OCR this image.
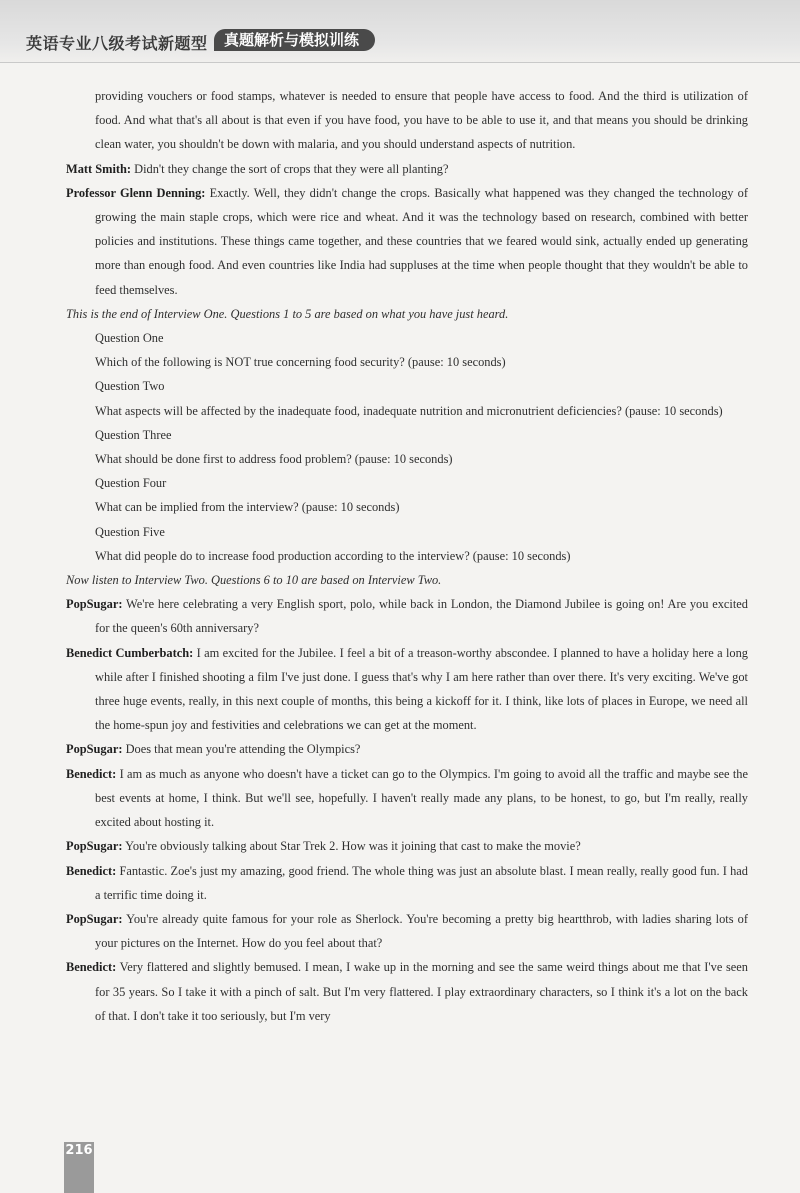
英语专业八级考试新题型	真题解析与模拟训练

providing vouchers or food stamps, whatever is needed to ensure that people have access to food. And the third is utilization of food. And what that's all about is that even if you have food, you have to be able to use it, and that means you should be drinking clean water, you shouldn't be down with malaria, and you should understand aspects of nutrition.

Matt Smith: Didn't they change the sort of crops that they were all planting?

Professor Glenn Denning: Exactly. Well, they didn't change the crops. Basically what happened was they changed the technology of growing the main staple crops, which were rice and wheat. And it was the technology based on research, combined with better policies and institutions. These things came together, and these countries that we feared would sink, actually ended up generating more than enough food. And even countries like India had suppluses at the time when people thought that they wouldn't be able to feed themselves.

This is the end of Interview One. Questions 1 to 5 are based on what you have just heard.

Question One

Which of the following is NOT true concerning food security? (pause: 10 seconds)

Question Two

What aspects will be affected by the inadequate food, inadequate nutrition and micronutrient deficiencies? (pause: 10 seconds)

Question Three

What should be done first to address food problem? (pause: 10 seconds)

Question Four

What can be implied from the interview? (pause: 10 seconds)

Question Five

What did people do to increase food production according to the interview? (pause: 10 seconds)

Now listen to Interview Two. Questions 6 to 10 are based on Interview Two.

PopSugar: We're here celebrating a very English sport, polo, while back in London, the Diamond Jubilee is going on! Are you excited for the queen's 60th anniversary?

Benedict Cumberbatch: I am excited for the Jubilee. I feel a bit of a treason-worthy abscondee. I planned to have a holiday here a long while after I finished shooting a film I've just done. I guess that's why I am here rather than over there. It's very exciting. We've got three huge events, really, in this next couple of months, this being a kickoff for it. I think, like lots of places in Europe, we need all the home-spun joy and festivities and celebrations we can get at the moment.

PopSugar: Does that mean you're attending the Olympics?

Benedict: I am as much as anyone who doesn't have a ticket can go to the Olympics. I'm going to avoid all the traffic and maybe see the best events at home, I think. But we'll see, hopefully. I haven't really made any plans, to be honest, to go, but I'm really, really excited about hosting it.

PopSugar: You're obviously talking about Star Trek 2. How was it joining that cast to make the movie?

Benedict: Fantastic. Zoe's just my amazing, good friend. The whole thing was just an absolute blast. I mean really, really good fun. I had a terrific time doing it.

PopSugar: You're already quite famous for your role as Sherlock. You're becoming a pretty big heartthrob, with ladies sharing lots of your pictures on the Internet. How do you feel about that?

Benedict: Very flattered and slightly bemused. I mean, I wake up in the morning and see the same weird things about me that I've seen for 35 years. So I take it with a pinch of salt. But I'm very flattered. I play extraordinary characters, so I think it's a lot on the back of that. I don't take it too seriously, but I'm very

216
